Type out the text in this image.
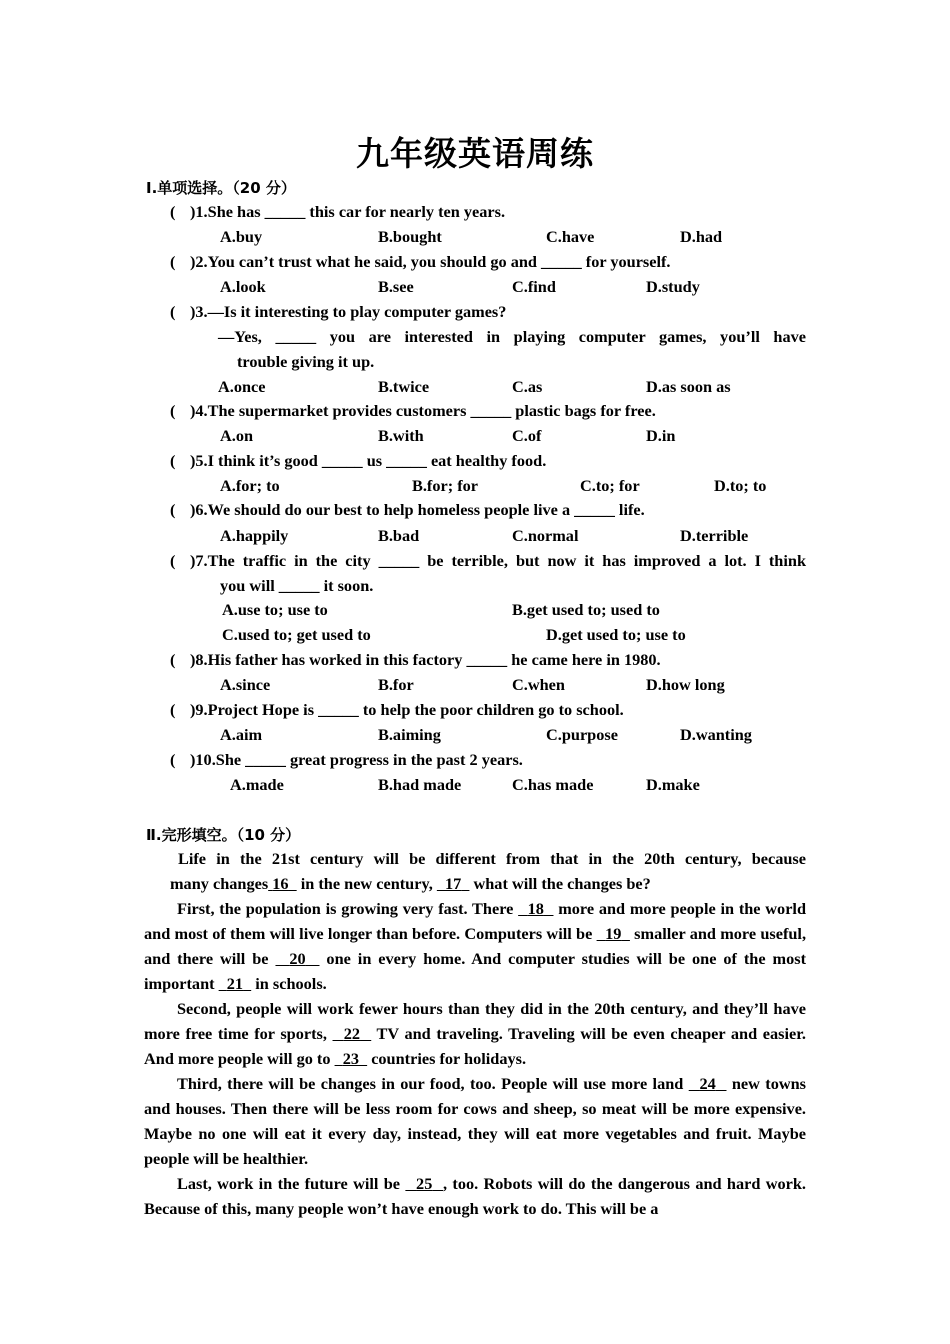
九年级英语周练
Ⅰ.单项选择。（20 分）
( )1.She has _____ this car for nearly ten years.
A.buy	B.bought	C.have	D.had
( )2.You can’t trust what he said, you should go and _____ for yourself.
A.look	B.see	C.find	D.study
( )3.—Is it interesting to play computer games?
—Yes, _____ you are interested in playing computer games, you’ll have
trouble giving it up.
A.once	B.twice	C.as	D.as soon as
( )4.The supermarket provides customers _____ plastic bags for free.
A.on	B.with	C.of	D.in
( )5.I think it’s good _____ us _____ eat healthy food.
A.for; to	B.for; for	C.to; for	D.to; to
( )6.We should do our best to help homeless people live a _____ life.
A.happily	B.bad	C.normal	D.terrible
( )7.The traffic in the city _____ be terrible, but now it has improved a lot. I think
you will _____ it soon.
A.use to; use to	B.get used to; used to
C.used to; get used to	D.get used to; use to
( )8.His father has worked in this factory _____ he came here in 1980.
A.since	B.for	C.when	D.how long
( )9.Project Hope is _____ to help the poor children go to school.
A.aim	B.aiming	C.purpose	D.wanting
( )10.She _____ great progress in the past 2 years.
A.made	B.had made	C.has made	D.make
Ⅱ.完形填空。（10 分）
Life in the 21st century will be different from that in the 20th century, because
many changes 16   in the new century, 17   what will the changes be?
First, the population is growing very fast. There 18   more and more people in the world and most of them will live longer than before. Computers will be 19   smaller and more useful, and there will be 20   one in every home. And computer studies will be one of the most important 21   in schools.
Second, people will work fewer hours than they did in the 20th century, and they’ll have more free time for sports, 22   TV and traveling. Traveling will be even cheaper and easier. And more people will go to 23   countries for holidays.
Third, there will be changes in our food, too. People will use more land 24   new towns and houses. Then there will be less room for cows and sheep, so meat will be more expensive. Maybe no one will eat it every day, instead, they will eat more vegetables and fruit. Maybe people will be healthier.
Last, work in the future will be 25 , too. Robots will do the dangerous and hard work. Because of this, many people won’t have enough work to do. This will be a
